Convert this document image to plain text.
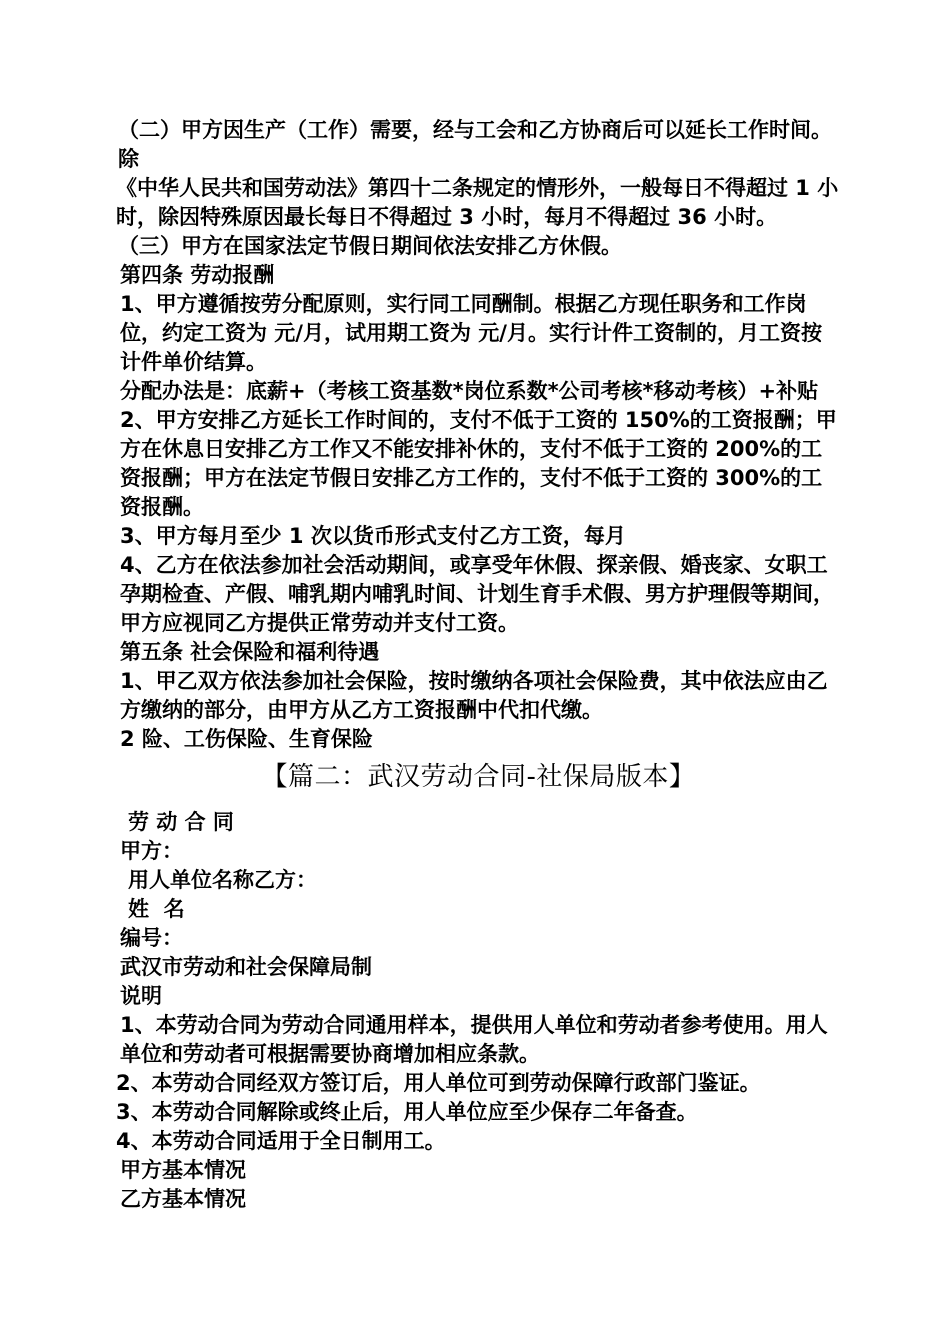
（二）甲方因生产（工作）需要，经与工会和乙方协商后可以延长工作时间。除

《中华人民共和国劳动法》第四十二条规定的情形外，一般每日不得超过 1 小时，除因特殊原因最长每日不得超过 3 小时，每月不得超过 36 小时。

（三）甲方在国家法定节假日期间依法安排乙方休假。

第四条 劳动报酬

1、甲方遵循按劳分配原则，实行同工同酬制。根据乙方现任职务和工作岗位，约定工资为 元/月，试用期工资为 元/月。实行计件工资制的，月工资按计件单价结算。

分配办法是：底薪+（考核工资基数*岗位系数*公司考核*移动考核）+补贴

2、甲方安排乙方延长工作时间的，支付不低于工资的 150%的工资报酬；甲方在休息日安排乙方工作又不能安排补休的，支付不低于工资的 200%的工资报酬；甲方在法定节假日安排乙方工作的，支付不低于工资的 300%的工资报酬。

3、甲方每月至少 1 次以货币形式支付乙方工资，每月

4、乙方在依法参加社会活动期间，或享受年休假、探亲假、婚丧家、女职工孕期检查、产假、哺乳期内哺乳时间、计划生育手术假、男方护理假等期间，甲方应视同乙方提供正常劳动并支付工资。

第五条 社会保险和福利待遇

1、甲乙双方依法参加社会保险，按时缴纳各项社会保险费，其中依法应由乙方缴纳的部分，由甲方从乙方工资报酬中代扣代缴。

2 险、工伤保险、生育保险

【篇二：武汉劳动合同-社保局版本】

劳 动 合 同

甲方：

用人单位名称乙方：

姓  名

编号：

武汉市劳动和社会保障局制

说明

1、本劳动合同为劳动合同通用样本，提供用人单位和劳动者参考使用。用人单位和劳动者可根据需要协商增加相应条款。

2、本劳动合同经双方签订后，用人单位可到劳动保障行政部门鉴证。

3、本劳动合同解除或终止后，用人单位应至少保存二年备查。

4、本劳动合同适用于全日制用工。

甲方基本情况

乙方基本情况
